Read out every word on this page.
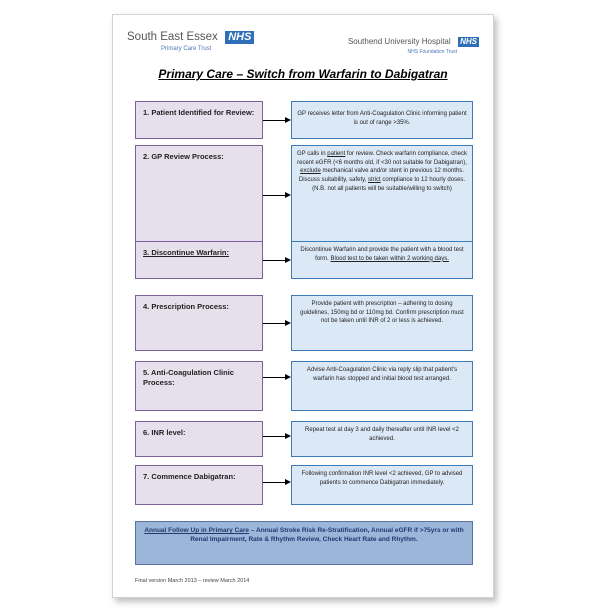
South East Essex NHS
Primary Care Trust
Southend University Hospital NHS
NHS Foundation Trust
Primary Care – Switch from Warfarin to Dabigatran
1. Patient Identified for Review:	GP receives letter from Anti-Coagulation Clinic informing patient is out of range >35%.
2. GP Review Process:	GP calls in patient for review. Check warfarin compliance, check recent eGFR (<6 months old, if <30 not suitable for Dabigatran), exclude mechanical valve and/or stent in previous 12 months. Discuss suitability, safety, strict compliance to 12 hourly doses. (N.B. not all patients will be suitable/willing to switch)
3. Discontinue Warfarin:	Discontinue Warfarin and provide the patient with a blood test form. Blood test to be taken within 2 working days.
4. Prescription Process:	Provide patient with prescription – adhering to dosing guidelines, 150mg bd or 110mg bd. Confirm prescription must not be taken until INR of 2 or less is achieved.
5. Anti-Coagulation Clinic Process:
Advise Anti-Coagulation Clinic via reply slip that patient's warfarin has stopped and initial blood test arranged.
6. INR level:	Repeat test at day 3 and daily thereafter until INR level <2 achieved.
7. Commence Dabigatran:	Following confirmation INR level <2 achieved, GP to advised patients to commence Dabigatran immediately.
Annual Follow Up in Primary Care – Annual Stroke Risk Re-Stratification, Annual eGFR if >75yrs or with Renal Impairment, Rate & Rhythm Review, Check Heart Rate and Rhythm.
Final version March 2013 – review March 2014
